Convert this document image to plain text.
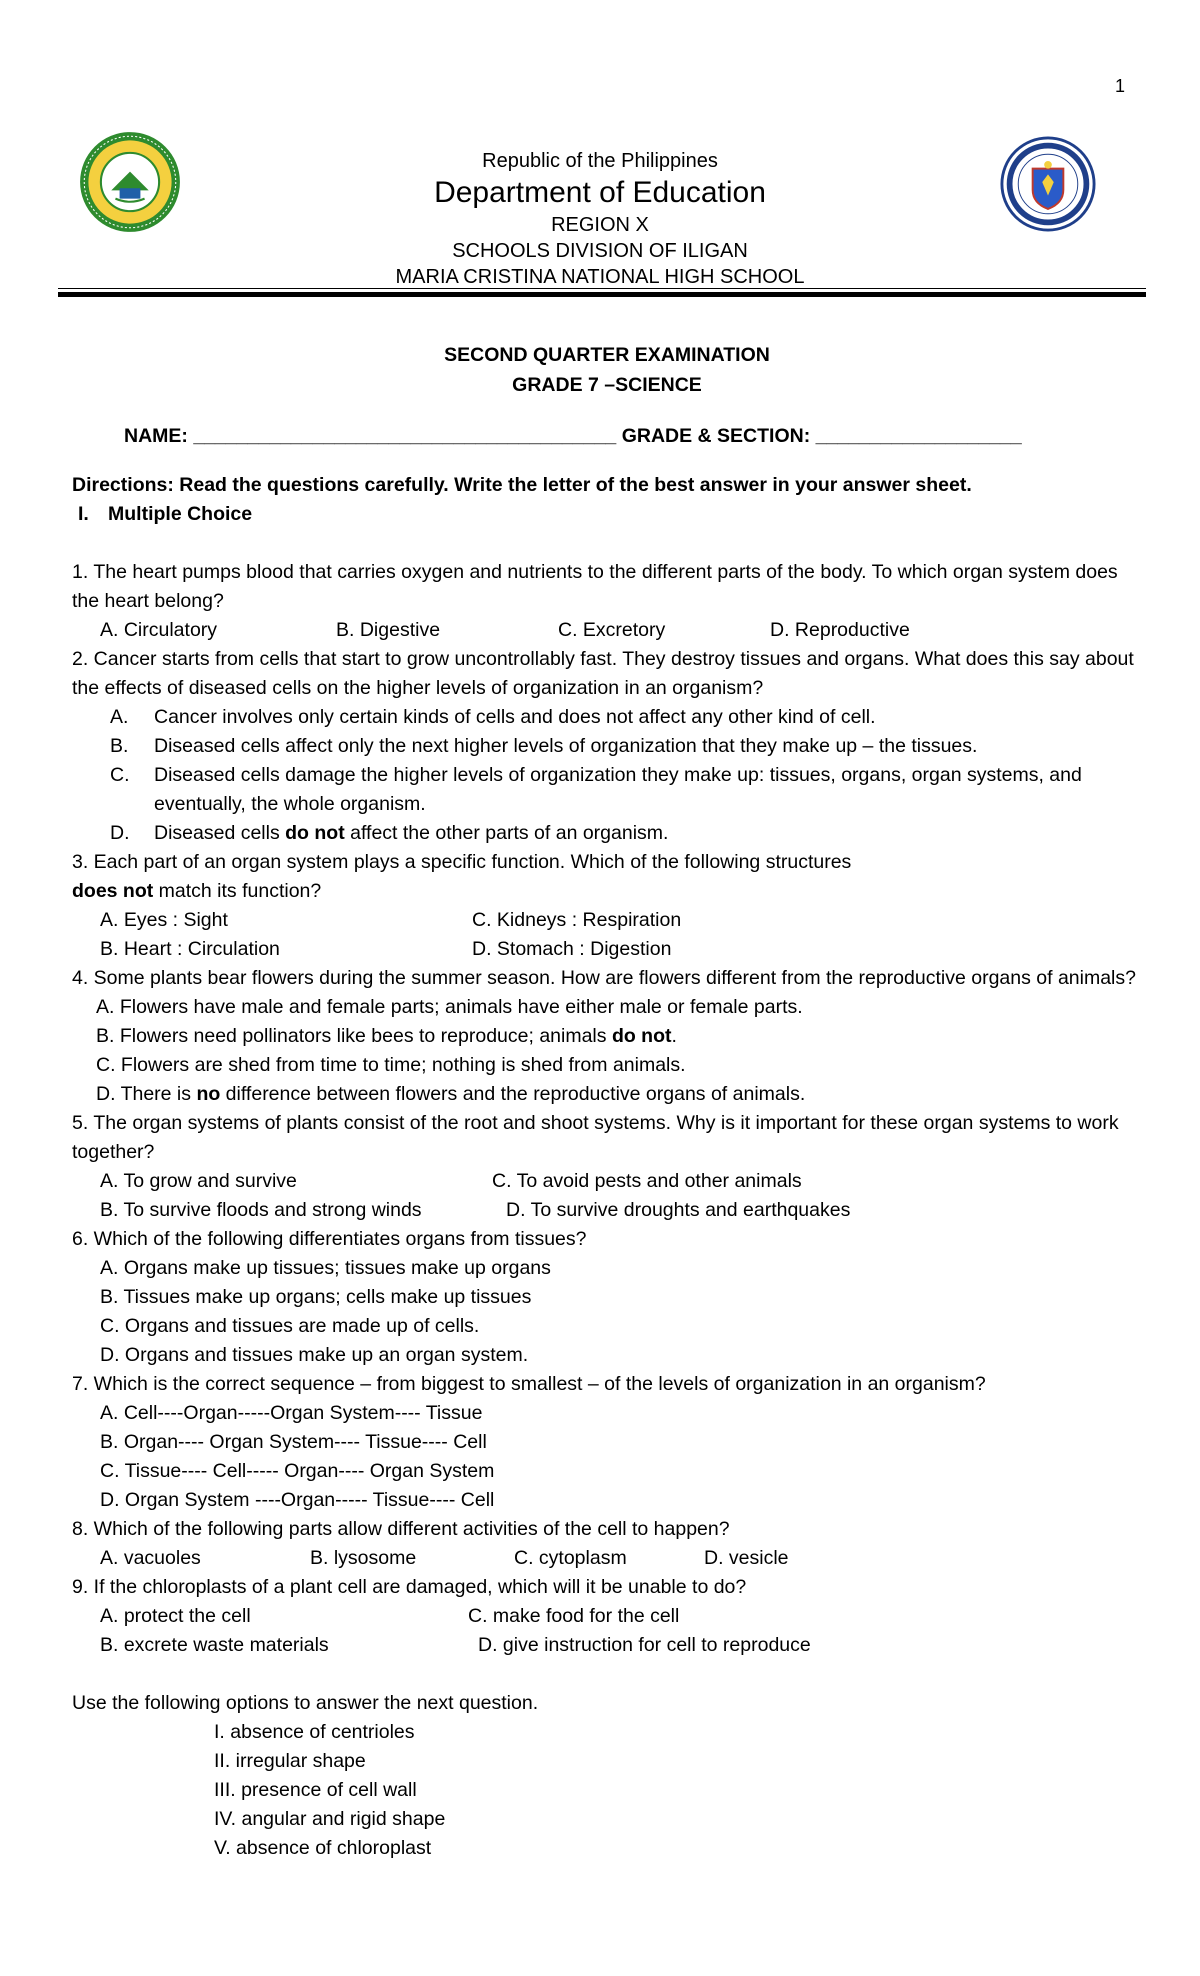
1
Republic of the Philippines
Department of Education
REGION X
SCHOOLS DIVISION OF ILIGAN
MARIA CRISTINA NATIONAL HIGH SCHOOL
SECOND QUARTER EXAMINATION
GRADE 7 –SCIENCE
NAME: _______________________________________ GRADE & SECTION: ___________________
Directions: Read the questions carefully. Write the letter of the best answer in your answer sheet.
I. Multiple Choice
1. The heart pumps blood that carries oxygen and nutrients to the different parts of the body. To which organ system does the heart belong?
A. Circulatory	B. Digestive	C. Excretory	D. Reproductive
2. Cancer starts from cells that start to grow uncontrollably fast. They destroy tissues and organs. What does this say about the effects of diseased cells on the higher levels of organization in an organism?
A.	Cancer involves only certain kinds of cells and does not affect any other kind of cell.
B.	Diseased cells affect only the next higher levels of organization that they make up – the tissues.
C.	Diseased cells damage the higher levels of organization they make up: tissues, organs, organ systems, and eventually, the whole organism.
D.	Diseased cells do not affect the other parts of an organism.
3. Each part of an organ system plays a specific function. Which of the following structures
does not match its function?
A. Eyes : Sight	C. Kidneys : Respiration
B. Heart : Circulation	D. Stomach : Digestion
4. Some plants bear flowers during the summer season. How are flowers different from the reproductive organs of animals?
A. Flowers have male and female parts; animals have either male or female parts.
B. Flowers need pollinators like bees to reproduce; animals do not.
C. Flowers are shed from time to time; nothing is shed from animals.
D. There is no difference between flowers and the reproductive organs of animals.
5. The organ systems of plants consist of the root and shoot systems. Why is it important for these organ systems to work together?
A. To grow and survive	C. To avoid pests and other animals
B. To survive floods and strong winds	D. To survive droughts and earthquakes
6. Which of the following differentiates organs from tissues?
A. Organs make up tissues; tissues make up organs
B. Tissues make up organs; cells make up tissues
C. Organs and tissues are made up of cells.
D. Organs and tissues make up an organ system.
7. Which is the correct sequence – from biggest to smallest – of the levels of organization in an organism?
A. Cell----Organ-----Organ System---- Tissue
B. Organ---- Organ System---- Tissue---- Cell
C. Tissue---- Cell----- Organ---- Organ System
D. Organ System ----Organ----- Tissue---- Cell
8. Which of the following parts allow different activities of the cell to happen?
A. vacuoles	B. lysosome	C. cytoplasm	D. vesicle
9. If the chloroplasts of a plant cell are damaged, which will it be unable to do?
A. protect the cell	C. make food for the cell
B. excrete waste materials	D. give instruction for cell to reproduce
Use the following options to answer the next question.
I. absence of centrioles
II. irregular shape
III. presence of cell wall
IV. angular and rigid shape
V. absence of chloroplast
